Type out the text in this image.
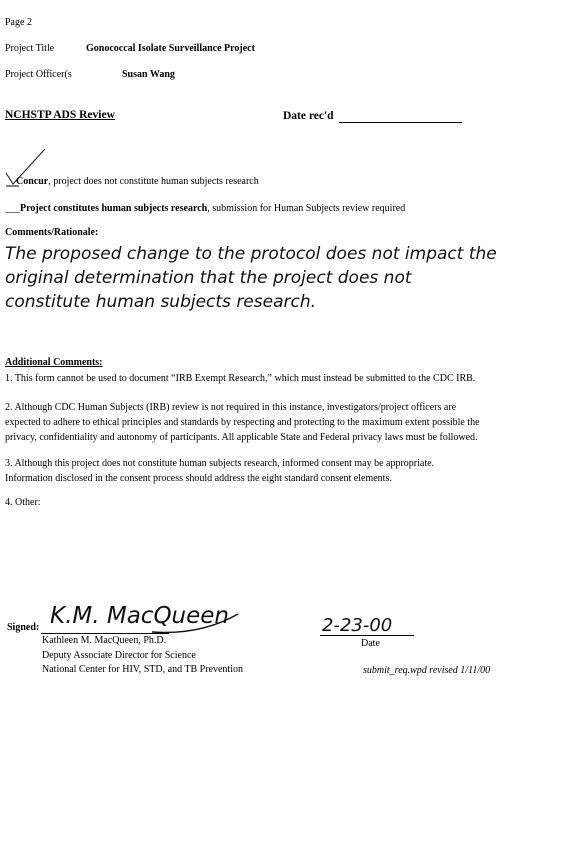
Page 2
Project Title	Gonococcal Isolate Surveillance Project
Project Officer(s	Susan Wang
NCHSTP ADS Review	Date rec'd
Concur, project does not constitute human subjects research
___Project constitutes human subjects research, submission for Human Subjects review required
Comments/Rationale:
The proposed change to the protocol does not impact the
original determination that the project does not
constitute human subjects research.
Additional Comments:
1. This form cannot be used to document “IRB Exempt Research,” which must instead be submitted to the CDC IRB.
2. Although CDC Human Subjects (IRB) review is not required in this instance, investigators/project officers are
expected to adhere to ethical principles and standards by respecting and protecting to the maximum extent possible the
privacy, confidentiality and autonomy of participants. All applicable State and Federal privacy laws must be followed.
3. Although this project does not constitute human subjects research, informed consent may be appropriate.
Information disclosed in the consent process should address the eight standard consent elements.
4. Other:
Signed: K.M. MacQueen
Kathleen M. MacQueen, Ph.D.
Deputy Associate Director for Science
National Center for HIV, STD, and TB Prevention
2-23-00
Date
submit_req.wpd revised 1/11/00
